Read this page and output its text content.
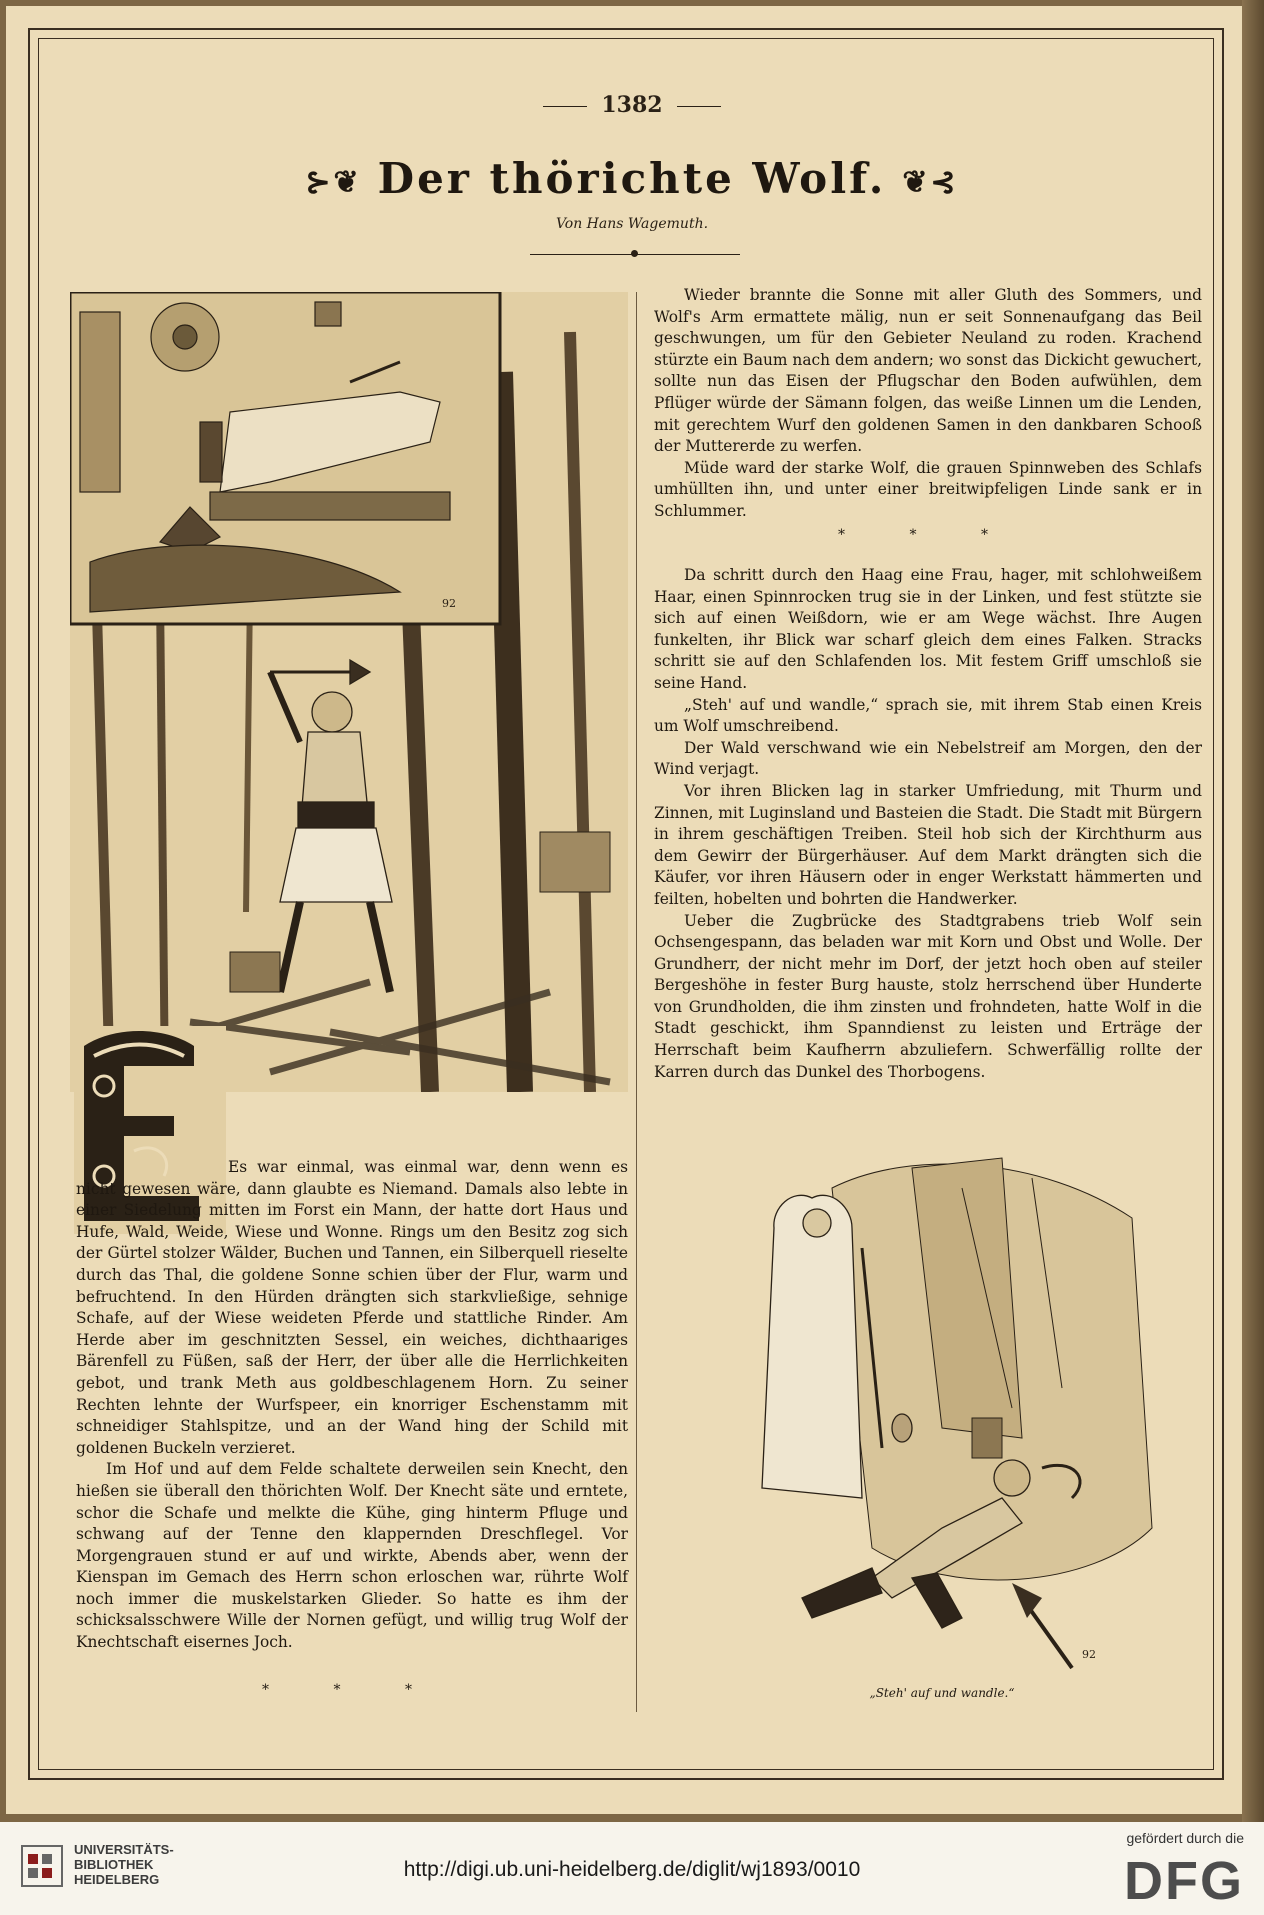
1382
⊱❦ Der thörichte Wolf. ❦⊰
Von Hans Wagemuth.
92

Es war einmal, was einmal war, denn wenn es nicht gewesen wäre, dann glaubte es Niemand. Damals also lebte in einer Siedelung mitten im Forst ein Mann, der hatte dort Haus und Hufe, Wald, Weide, Wiese und Wonne. Rings um den Besitz zog sich der Gürtel stolzer Wälder, Buchen und Tannen, ein Silberquell rieselte durch das Thal, die goldene Sonne schien über der Flur, warm und befruchtend. In den Hürden drängten sich starkvließige, sehnige Schafe, auf der Wiese weideten Pferde und stattliche Rinder. Am Herde aber im geschnitzten Sessel, ein weiches, dichthaariges Bärenfell zu Füßen, saß der Herr, der über alle die Herrlichkeiten gebot, und trank Meth aus goldbeschlagenem Horn. Zu seiner Rechten lehnte der Wurfspeer, ein knorriger Eschenstamm mit schneidiger Stahlspitze, und an der Wand hing der Schild mit goldenen Buckeln verzieret.

Im Hof und auf dem Felde schaltete derweilen sein Knecht, den hießen sie überall den thörichten Wolf. Der Knecht säte und erntete, schor die Schafe und melkte die Kühe, ging hinterm Pfluge und schwang auf der Tenne den klappernden Dreschflegel. Vor Morgengrauen stund er auf und wirkte, Abends aber, wenn der Kienspan im Gemach des Herrn schon erloschen war, rührte Wolf noch immer die muskelstarken Glieder. So hatte es ihm der schicksalsschwere Wille der Nornen gefügt, und willig trug Wolf der Knechtschaft eisernes Joch.

* * *

Wieder brannte die Sonne mit aller Gluth des Sommers, und Wolf's Arm ermattete mälig, nun er seit Sonnenaufgang das Beil geschwungen, um für den Gebieter Neuland zu roden. Krachend stürzte ein Baum nach dem andern; wo sonst das Dickicht gewuchert, sollte nun das Eisen der Pflugschar den Boden aufwühlen, dem Pflüger würde der Sämann folgen, das weiße Linnen um die Lenden, mit gerechtem Wurf den goldenen Samen in den dankbaren Schooß der Muttererde zu werfen.

Müde ward der starke Wolf, die grauen Spinnweben des Schlafs umhüllten ihn, und unter einer breitwipfeligen Linde sank er in Schlummer.

* * *

Da schritt durch den Haag eine Frau, hager, mit schlohweißem Haar, einen Spinnrocken trug sie in der Linken, und fest stützte sie sich auf einen Weißdorn, wie er am Wege wächst. Ihre Augen funkelten, ihr Blick war scharf gleich dem eines Falken. Stracks schritt sie auf den Schlafenden los. Mit festem Griff umschloß sie seine Hand.

„Steh' auf und wandle,“ sprach sie, mit ihrem Stab einen Kreis um Wolf umschreibend.

Der Wald verschwand wie ein Nebelstreif am Morgen, den der Wind verjagt.

Vor ihren Blicken lag in starker Umfriedung, mit Thurm und Zinnen, mit Luginsland und Basteien die Stadt. Die Stadt mit Bürgern in ihrem geschäftigen Treiben. Steil hob sich der Kirchthurm aus dem Gewirr der Bürgerhäuser. Auf dem Markt drängten sich die Käufer, vor ihren Häusern oder in enger Werkstatt hämmerten und feilten, hobelten und bohrten die Handwerker.

Ueber die Zugbrücke des Stadtgrabens trieb Wolf sein Ochsengespann, das beladen war mit Korn und Obst und Wolle. Der Grundherr, der nicht mehr im Dorf, der jetzt hoch oben auf steiler Bergeshöhe in fester Burg hauste, stolz herrschend über Hunderte von Grundholden, die ihm zinsten und frohndeten, hatte Wolf in die Stadt geschickt, ihm Spanndienst zu leisten und Erträge der Herrschaft beim Kaufherrn abzuliefern. Schwerfällig rollte der Karren durch das Dunkel des Thorbogens.

92
„Steh' auf und wandle.“
UNIVERSITÄTS-
BIBLIOTHEK
HEIDELBERG	http://digi.ub.uni-heidelberg.de/diglit/wj1893/0010
gefördert durch die
DFG
